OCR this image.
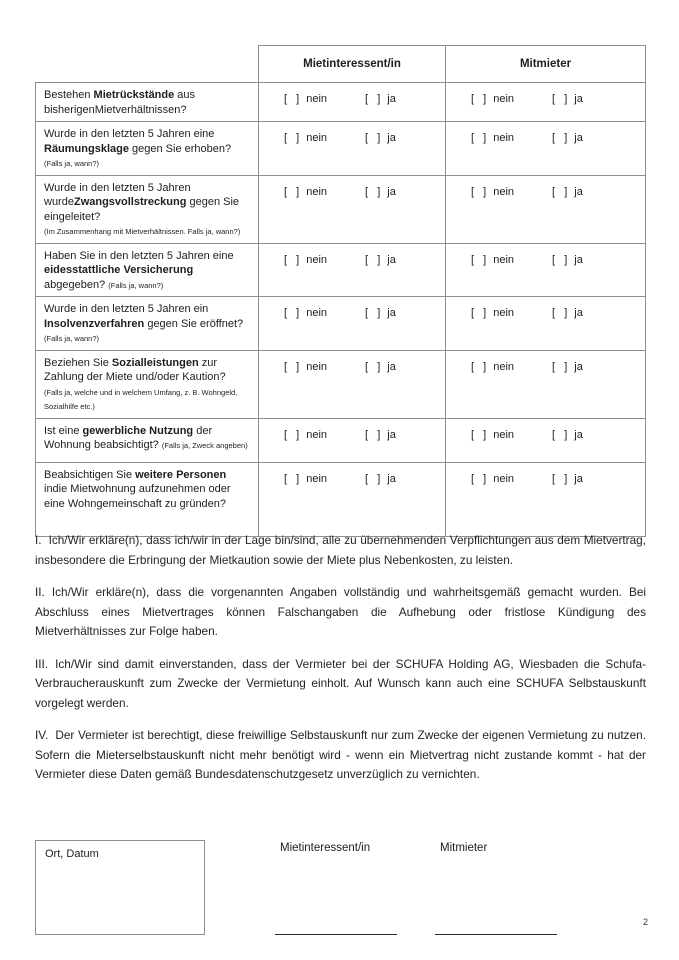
	Mietinteressent/in	Mitmieter
Bestehen Mietrückstände aus bisherigenMietverhältnissen?	[  ] nein [  ] ja	[  ] nein [  ] ja

Wurde in den letzten 5 Jahren eine Räumungsklage gegen Sie erhoben?
(Falls ja, wann?)	[  ] nein [  ] ja	[  ] nein [  ] ja

Wurde in den letzten 5 Jahren wurdeZwangsvollstreckung gegen Sie eingeleitet?
(Im Zusammenhang mit Mietverhältnissen. Falls ja, wann?)	[  ] nein [  ] ja	[  ] nein [  ] ja

Haben Sie in den letzten 5 Jahren eine eidesstattliche Versicherung abgegeben? (Falls ja, wann?)	[  ] nein [  ] ja	[  ] nein [  ] ja

Wurde in den letzten 5 Jahren ein Insolvenzverfahren gegen Sie eröffnet?
(Falls ja, wann?)	[  ] nein [  ] ja	[  ] nein [  ] ja

Beziehen Sie Sozialleistungen zur Zahlung der Miete und/oder Kaution?
(Falls ja, welche und in welchem Umfang, z. B. Wohngeld, Sozialhilfe etc.)	[  ] nein [  ] ja	[  ] nein [  ] ja

Ist eine gewerbliche Nutzung der Wohnung beabsichtigt? (Falls ja, Zweck angeben)	[  ] nein [  ] ja	[  ] nein [  ] ja

Beabsichtigen Sie weitere Personen indie Mietwohnung aufzunehmen oder
eine Wohngemeinschaft zu gründen?	[  ] nein [  ] ja	[  ] nein [  ] ja

I. Ich/Wir erkläre(n), dass ich/wir in der Lage bin/sind, alle zu übernehmenden Verpflichtungen aus dem Mietvertrag, insbesondere die Erbringung der Mietkaution sowie der Miete plus Nebenkosten, zu leisten.

II. Ich/Wir erkläre(n), dass die vorgenannten Angaben vollständig und wahrheitsgemäß gemacht wurden. Bei Abschluss eines Mietvertrages können Falschangaben die Aufhebung oder fristlose Kündigung des Mietverhältnisses zur Folge haben.

III. Ich/Wir sind damit einverstanden, dass der Vermieter bei der SCHUFA Holding AG, Wiesbaden die Schufa-Verbraucherauskunft zum Zwecke der Vermietung einholt. Auf Wunsch kann auch eine SCHUFA Selbstauskunft vorgelegt werden.

IV. Der Vermieter ist berechtigt, diese freiwillige Selbstauskunft nur zum Zwecke der eigenen Vermietung zu nutzen. Sofern die Mieterselbstauskunft nicht mehr benötigt wird - wenn ein Mietvertrag nicht zustande kommt - hat der Vermieter diese Daten gemäß Bundesdatenschutzgesetz unverzüglich zu vernichten.

Ort, Datum	Mietinteressent/in	Mitmieter
2
